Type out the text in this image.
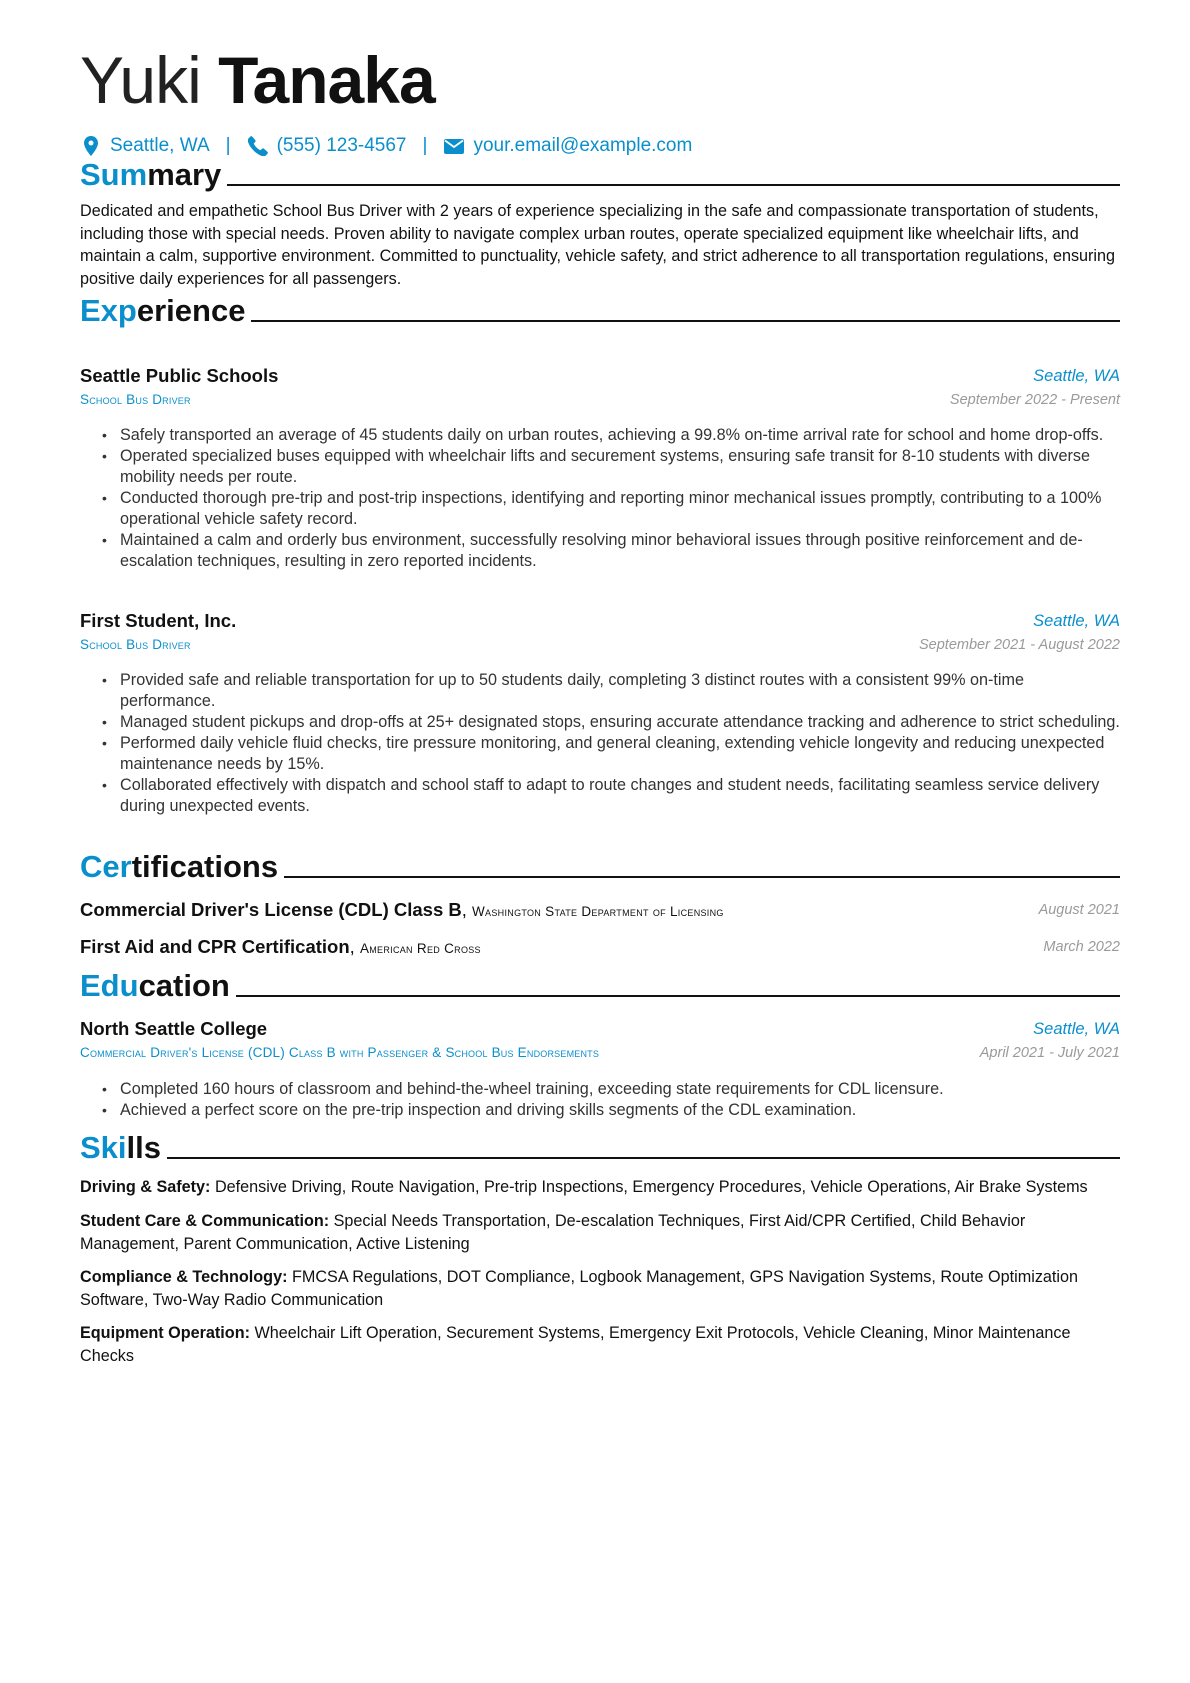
Yuki Tanaka
Seattle, WA | (555) 123-4567 | your.email@example.com
Summary
Dedicated and empathetic School Bus Driver with 2 years of experience specializing in the safe and compassionate transportation of students, including those with special needs. Proven ability to navigate complex urban routes, operate specialized equipment like wheelchair lifts, and maintain a calm, supportive environment. Committed to punctuality, vehicle safety, and strict adherence to all transportation regulations, ensuring positive daily experiences for all passengers.
Experience
Seattle Public Schools	Seattle, WA
School Bus Driver	September 2022 - Present
• Safely transported an average of 45 students daily on urban routes, achieving a 99.8% on-time arrival rate for school and home drop-offs.
• Operated specialized buses equipped with wheelchair lifts and securement systems, ensuring safe transit for 8-10 students with diverse mobility needs per route.
• Conducted thorough pre-trip and post-trip inspections, identifying and reporting minor mechanical issues promptly, contributing to a 100% operational vehicle safety record.
• Maintained a calm and orderly bus environment, successfully resolving minor behavioral issues through positive reinforcement and de-escalation techniques, resulting in zero reported incidents.
First Student, Inc.	Seattle, WA
School Bus Driver	September 2021 - August 2022
• Provided safe and reliable transportation for up to 50 students daily, completing 3 distinct routes with a consistent 99% on-time performance.
• Managed student pickups and drop-offs at 25+ designated stops, ensuring accurate attendance tracking and adherence to strict scheduling.
• Performed daily vehicle fluid checks, tire pressure monitoring, and general cleaning, extending vehicle longevity and reducing unexpected maintenance needs by 15%.
• Collaborated effectively with dispatch and school staff to adapt to route changes and student needs, facilitating seamless service delivery during unexpected events.
Certifications
Commercial Driver's License (CDL) Class B, Washington State Department of Licensing	August 2021
First Aid and CPR Certification, American Red Cross	March 2022
Education
North Seattle College	Seattle, WA
Commercial Driver's License (CDL) Class B with Passenger & School Bus Endorsements	April 2021 - July 2021
• Completed 160 hours of classroom and behind-the-wheel training, exceeding state requirements for CDL licensure.
• Achieved a perfect score on the pre-trip inspection and driving skills segments of the CDL examination.
Skills
Driving & Safety: Defensive Driving, Route Navigation, Pre-trip Inspections, Emergency Procedures, Vehicle Operations, Air Brake Systems
Student Care & Communication: Special Needs Transportation, De-escalation Techniques, First Aid/CPR Certified, Child Behavior Management, Parent Communication, Active Listening
Compliance & Technology: FMCSA Regulations, DOT Compliance, Logbook Management, GPS Navigation Systems, Route Optimization Software, Two-Way Radio Communication
Equipment Operation: Wheelchair Lift Operation, Securement Systems, Emergency Exit Protocols, Vehicle Cleaning, Minor Maintenance Checks
